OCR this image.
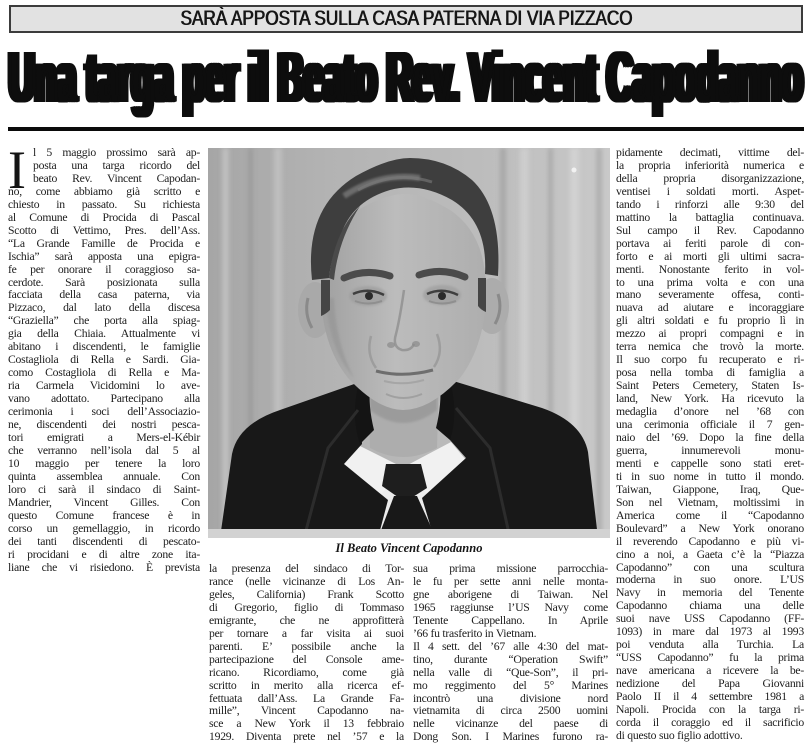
SARÀ APPOSTA SULLA CASA PATERNA DI VIA PIZZACO
Una targa per il Beato Rev. Vincent Capodanno
I l 5 maggio prossimo sarà ap-
posta una targa ricordo del
beato Rev. Vincent Capodan-
no, come abbiamo già scritto e
chiesto in passato. Su richiesta
al Comune di Procida di Pascal
Scotto di Vettimo, Pres. dell’Ass.
“La Grande Famille de Procida e
Ischia” sarà apposta una epigra-
fe per onorare il coraggioso sa-
cerdote. Sarà posizionata sulla
facciata della casa paterna, via
Pizzaco, dal lato della discesa
“Graziella” che porta alla spiag-
gia della Chiaia. Attualmente vi
abitano i discendenti, le famiglie
Costagliola di Rella e Sardi. Gia-
como Costagliola di Rella e Ma-
ria Carmela Vicidomini lo ave-
vano adottato. Partecipano alla
cerimonia i soci dell’Associazio-
ne, discendenti dei nostri pesca-
tori emigrati a Mers-el-Kébir
che verranno nell’isola dal 5 al
10 maggio per tenere la loro
quinta assemblea annuale. Con
loro ci sarà il sindaco di Saint-
Mandrier, Vincent Gilles. Con
questo Comune francese è in
corso un gemellaggio, in ricordo
dei tanti discendenti di pescato-
ri procidani e di altre zone ita-
liane che vi risiedono. È prevista
Il Beato Vincent Capodanno
la presenza del sindaco di Tor-
rance (nelle vicinanze di Los An-
geles, California) Frank Scotto
di Gregorio, figlio di Tommaso
emigrante, che ne approfitterà
per tornare a far visita ai suoi
parenti. E’ possibile anche la
partecipazione del Console ame-
ricano. Ricordiamo, come già
scritto in merito alla ricerca ef-
fettuata dall’Ass. La Grande Fa-
mille”, Vincent Capodanno na-
sce a New York il 13 febbraio
1929. Diventa prete nel ’57 e la
sua prima missione parrocchia-
le fu per sette anni nelle monta-
gne aborigene di Taiwan. Nel
1965 raggiunse l’US Navy come
Tenente Cappellano. In Aprile
’66 fu trasferito in Vietnam.
Il 4 sett. del ’67 alle 4:30 del mat-
tino, durante “Operation Swift”
nella valle di “Que-Son”, il pri-
mo reggimento del 5° Marines
incontrò una divisione nord
vietnamita di circa 2500 uomini
nelle vicinanze del paese di
Dong Son. I Marines furono ra-
pidamente decimati, vittime del-
la propria inferiorità numerica e
della propria disorganizzazione,
ventisei i soldati morti. Aspet-
tando i rinforzi alle 9:30 del
mattino la battaglia continuava.
Sul campo il Rev. Capodanno
portava ai feriti parole di con-
forto e ai morti gli ultimi sacra-
menti. Nonostante ferito in vol-
to una prima volta e con una
mano severamente offesa, conti-
nuava ad aiutare e incoraggiare
gli altri soldati e fu proprio lì in
mezzo ai propri compagni e in
terra nemica che trovò la morte.
Il suo corpo fu recuperato e ri-
posa nella tomba di famiglia a
Saint Peters Cemetery, Staten Is-
land, New York. Ha ricevuto la
medaglia d’onore nel ’68 con
una cerimonia officiale il 7 gen-
naio del ’69. Dopo la fine della
guerra, innumerevoli monu-
menti e cappelle sono stati eret-
ti in suo nome in tutto il mondo.
Taiwan, Giappone, Iraq, Que-
Son nel Vietnam, moltissimi in
America come il “Capodanno
Boulevard” a New York onorano
il reverendo Capodanno e più vi-
cino a noi, a Gaeta c’è la “Piazza
Capodanno” con una scultura
moderna in suo onore. L’US
Navy in memoria del Tenente
Capodanno chiama una delle
suoi nave USS Capodanno (FF-
1093) in mare dal 1973 al 1993
poi venduta alla Turchia. La
“USS Capodanno” fu la prima
nave americana a ricevere la be-
nedizione del Papa Giovanni
Paolo II il 4 settembre 1981 a
Napoli. Procida con la targa ri-
corda il coraggio ed il sacrificio
di questo suo figlio adottivo.
